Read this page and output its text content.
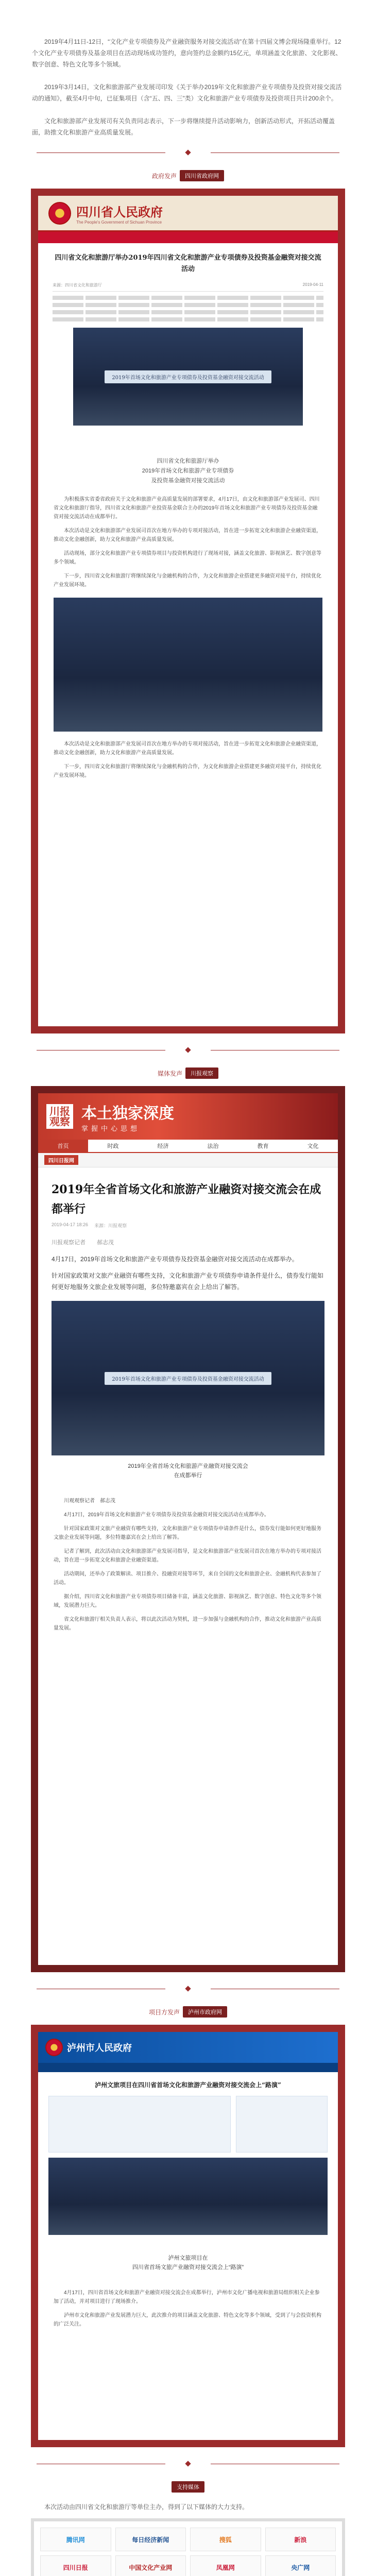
2019年4月11日-12日，“文化产业专项债券及产业融资服务对接交流活动”在第十四届文博会现场隆重举行。12个文化产业专项债券及基金项目在活动现场成功签约，意向签约总金额约15亿元，单项涵盖文化旅游、文化影视、数字创意、特色文化等多个领域。

2019年3月14日，文化和旅游部产业发展司印发《关于举办2019年文化和旅游产业专项债券及投资对接交流活动的通知》，截至4月中旬，已征集项目（含“五、四、三”类）文化和旅游产业专项债券及投资项目共计200余个。

文化和旅游部产业发展司有关负责同志表示，下一步将继续提升活动影响力，创新活动形式，开拓活动覆盖面，助推文化和旅游产业高质量发展。

政府发声	四川省政府网
四川省人民政府
The People's Government of Sichuan Province
四川省文化和旅游厅举办2019年四川省文化和旅游产业专项债券及投资基金融资对接交流活动
来源：四川省文化和旅游厅	2019-04-11
2019年首场文化和旅游产业专项债券及投资基金融资对接交流活动
四川省文化和旅游厅举办
2019年首场文化和旅游产业专项债券
及投资基金融资对接交流活动

为积极落实省委省政府关于文化和旅游产业高质量发展的部署要求，4月17日，由文化和旅游部产业发展司、四川省文化和旅游厅指导，四川省文化和旅游产业投资基金联合主办的2019年首场文化和旅游产业专项债券及投资基金融资对接交流活动在成都举行。

本次活动是文化和旅游部产业发展司首次在地方举办的专项对接活动，旨在进一步拓宽文化和旅游企业融资渠道，推动文化金融创新，助力文化和旅游产业高质量发展。

活动现场，部分文化和旅游产业专项债券项目与投资机构进行了现场对接，涵盖文化旅游、影视演艺、数字创意等多个领域。

下一步，四川省文化和旅游厅将继续深化与金融机构的合作，为文化和旅游企业搭建更多融资对接平台，持续优化产业发展环境。

本次活动是文化和旅游部产业发展司首次在地方举办的专项对接活动，旨在进一步拓宽文化和旅游企业融资渠道，推动文化金融创新，助力文化和旅游产业高质量发展。

下一步，四川省文化和旅游厅将继续深化与金融机构的合作，为文化和旅游企业搭建更多融资对接平台，持续优化产业发展环境。

媒体发声	川报观察
川报
观察 本土独家深度
掌握中心思想
首页	时政	经济	法治	教育	文化
四川日报网
2019年全省首场文化和旅游产业融资对接交流会在成都举行
2019-04-17 18:26 来源：川报观察

川报观察记者　　郝志茂

4月17日，2019年首场文化和旅游产业专项债券及投资基金融资对接交流活动在成都举办。

针对国家政策对文旅产业融资有哪些支持，文化和旅游产业专项债券申请条件是什么，债券发行能如何更好地服务文旅企业发展等问题，多位特邀嘉宾在会上给出了解答。

2019年首场文化和旅游产业专项债券及投资基金融资对接交流活动
2019年全省首场文化和旅游产业融资对接交流会
在成都举行

川观观察记者　郝志茂

4月17日，2019年首场文化和旅游产业专项债券及投资基金融资对接交流活动在成都举办。

针对国家政策对文旅产业融资有哪些支持，文化和旅游产业专项债券申请条件是什么，债券发行能如何更好地服务文旅企业发展等问题，多位特邀嘉宾在会上给出了解答。

记者了解到，此次活动由文化和旅游部产业发展司指导，是文化和旅游部产业发展司首次在地方举办的专项对接活动，旨在进一步拓宽文化和旅游企业融资渠道。

活动期间，还举办了政策解读、项目推介、投融资对接等环节，来自全国的文化和旅游企业、金融机构代表参加了活动。

据介绍，四川省文化和旅游产业专项债券项目储备丰富，涵盖文化旅游、影视演艺、数字创意、特色文化等多个领域，发展潜力巨大。

省文化和旅游厅相关负责人表示，将以此次活动为契机，进一步加强与金融机构的合作，推动文化和旅游产业高质量发展。

项目方发声	泸州市政府网
泸州市人民政府
泸州文旅项目在四川省首场文化和旅游产业融资对接交流会上“路演”
泸州文旅项目在
四川省首场文旅产业融资对接交流会上“路演”

4月17日，四川省首场文化和旅游产业融资对接交流会在成都举行，泸州市文化广播电视和旅游局组织相关企业参加了活动，并对项目进行了现场推介。

泸州市文化和旅游产业发展潜力巨大，此次推介的项目涵盖文化旅游、特色文化等多个领域，受到了与会投资机构的广泛关注。

支持媒体

本次活动由四川省文化和旅游厅等单位主办，得到了以下媒体的大力支持。

腾讯网	每日经济新闻	搜狐	新浪
四川日报	中国文化产业网	凤凰网	央广网
